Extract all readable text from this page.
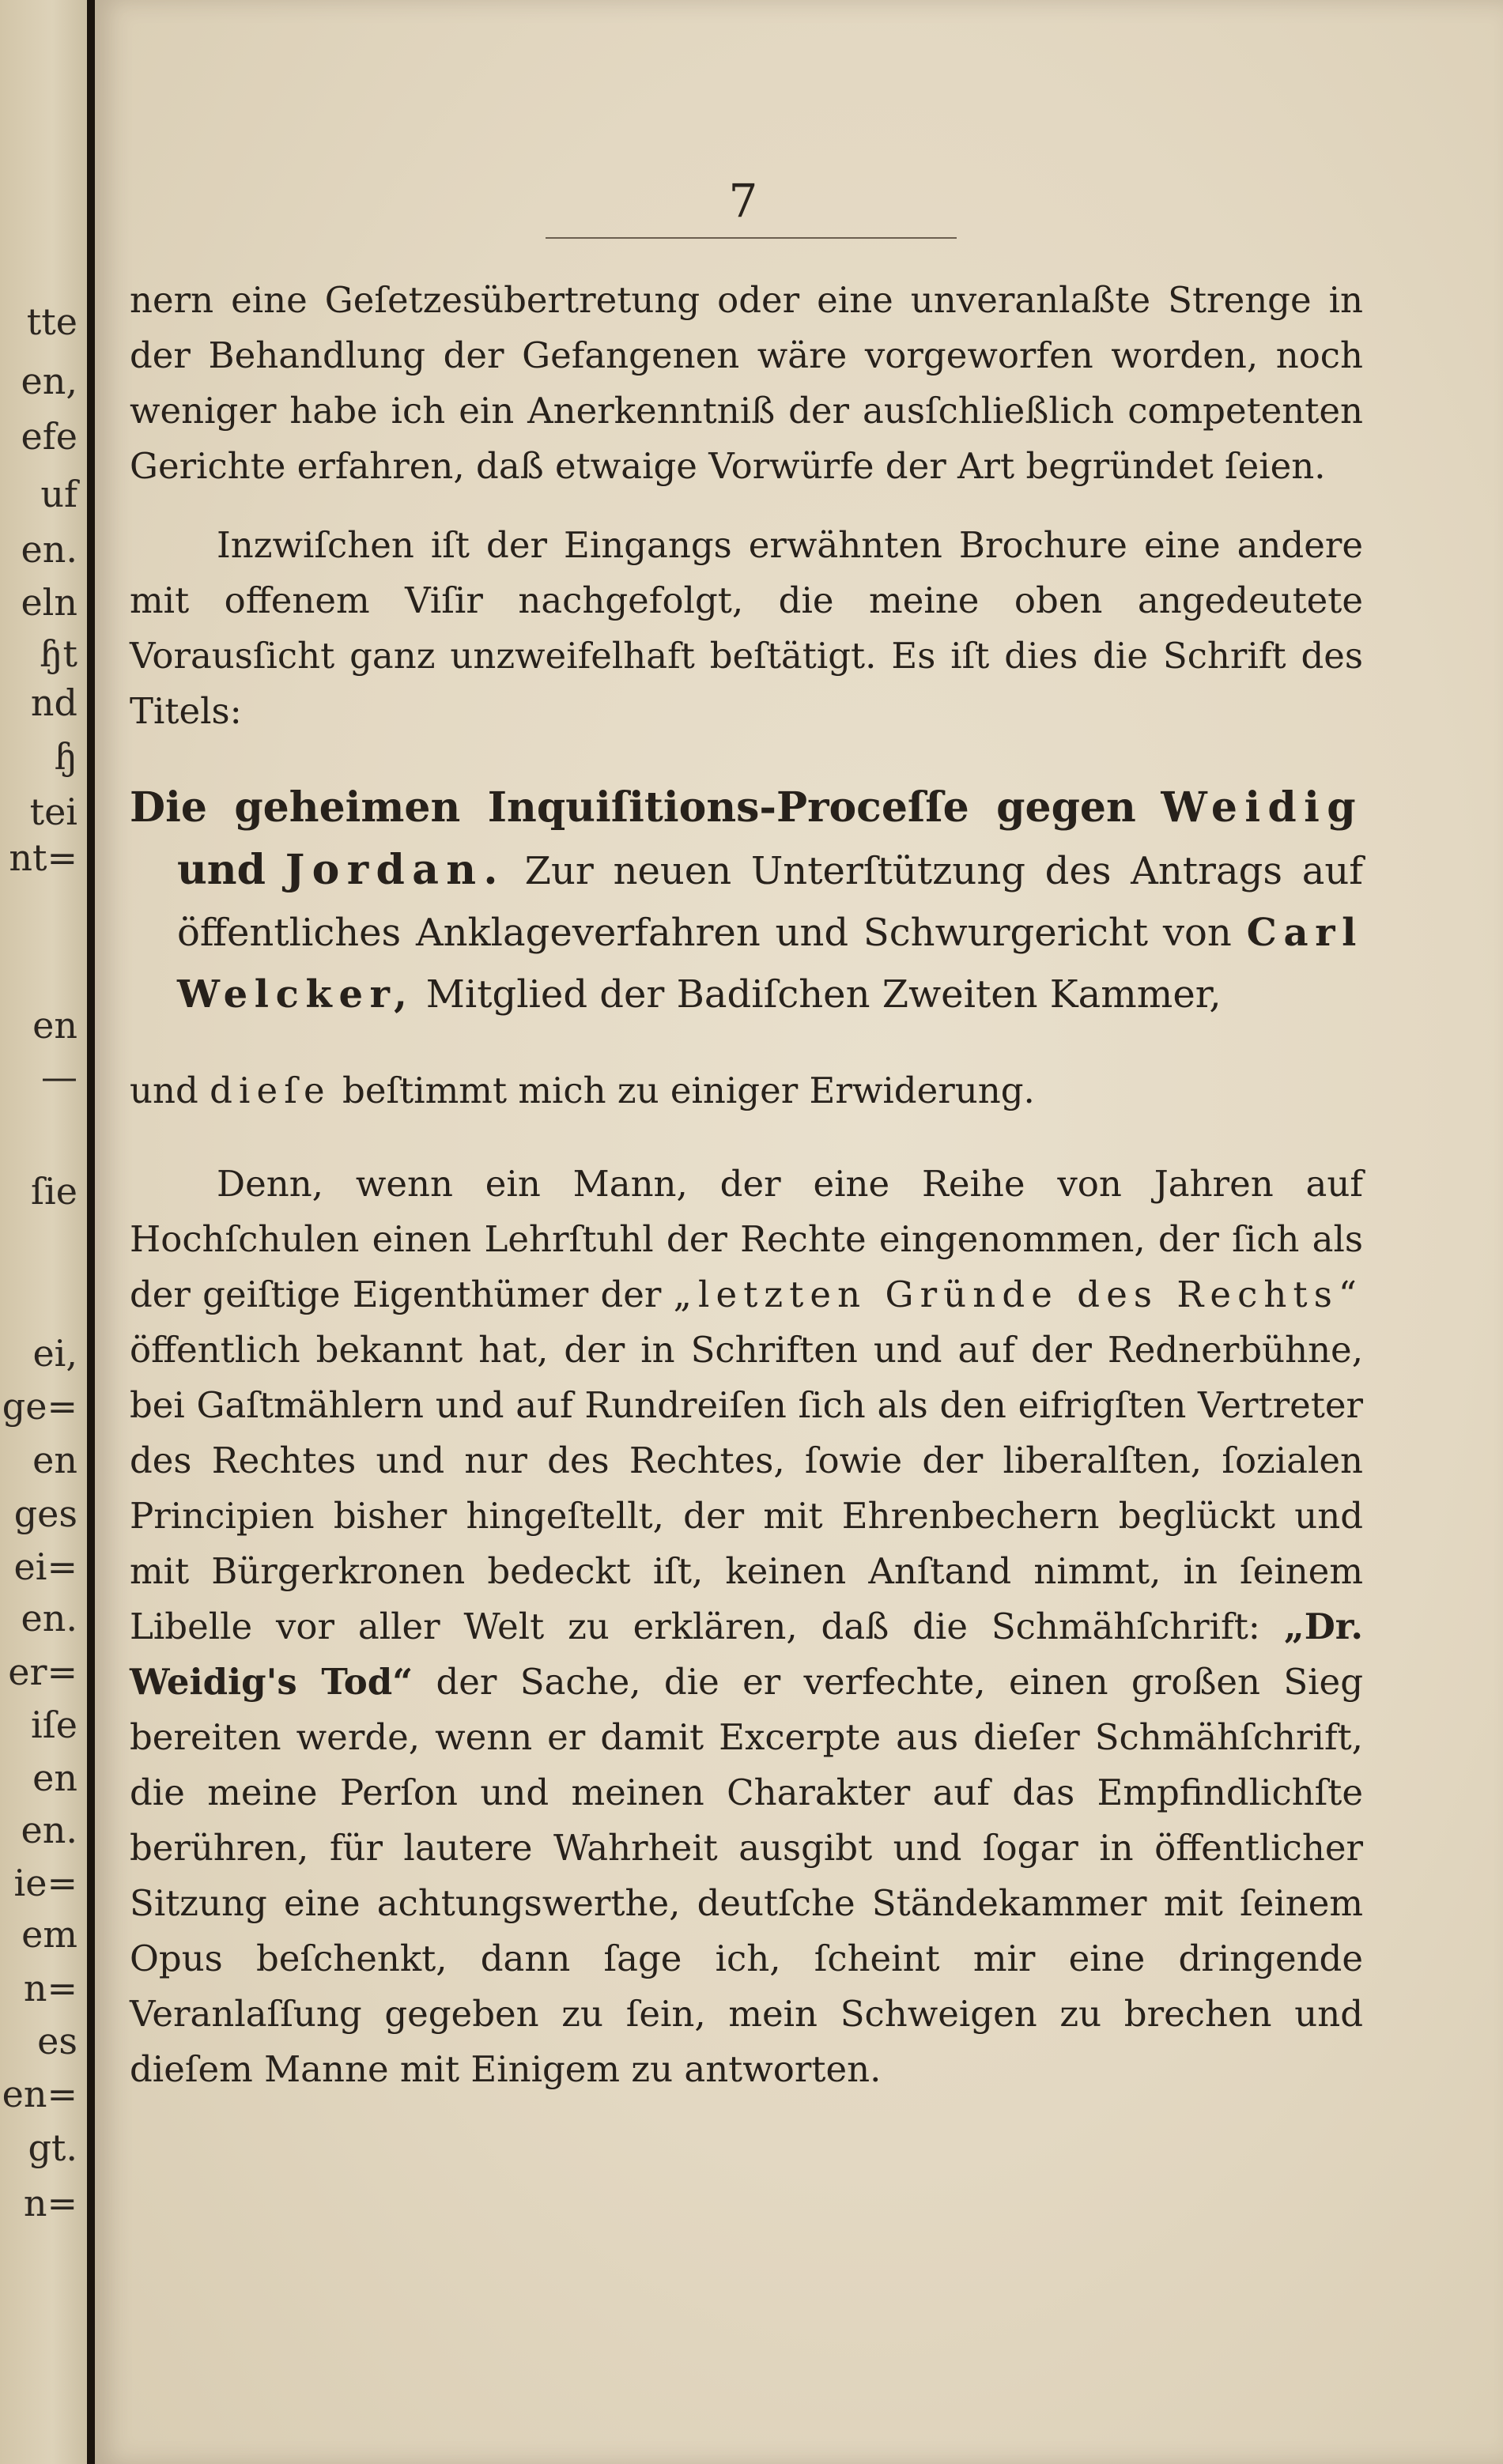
tte
en,
efe
uf
en.
eln
ɧt
nd
ɧ
tei
nt=
en
—
ſie
ei,
ge=
en
ges
ei=
en.
er=
iſe
en
en.
ie=
em
n=
es
en=
gt.
n=
7

nern eine Geſetzesübertretung oder eine unveranlaßte Strenge in der Behandlung der Gefangenen wäre vorgeworfen worden, noch weniger habe ich ein Anerkenntniß der ausſchließlich competenten Gerichte erfahren, daß etwaige Vorwürfe der Art begründet ſeien.

Inzwiſchen iſt der Eingangs erwähnten Brochure eine andere mit offenem Viſir nachgefolgt, die meine oben angedeutete Vorausſicht ganz unzweifelhaft beſtätigt. Es iſt dies die Schrift des Titels:

Die geheimen Inquiſitions-Proceſſe gegen Weidig und Jordan. Zur neuen Unterſtützung des Antrags auf öffentliches Anklageverfahren und Schwurgericht von Carl Welcker, Mitglied der Badiſchen Zweiten Kammer,

und dieſe beſtimmt mich zu einiger Erwiderung.

Denn, wenn ein Mann, der eine Reihe von Jahren auf Hochſchulen einen Lehrſtuhl der Rechte eingenommen, der ſich als der geiſtige Eigenthümer der „letzten Gründe des Rechts“ öffentlich bekannt hat, der in Schriften und auf der Rednerbühne, bei Gaſtmählern und auf Rundreiſen ſich als den eifrigſten Vertreter des Rechtes und nur des Rechtes, ſowie der liberalſten, ſozialen Principien bisher hingeſtellt, der mit Ehrenbechern beglückt und mit Bürgerkronen bedeckt iſt, keinen Anſtand nimmt, in ſeinem Libelle vor aller Welt zu erklären, daß die Schmähſchrift: „Dr. Weidig's Tod“ der Sache, die er verfechte, einen großen Sieg bereiten werde, wenn er damit Excerpte aus dieſer Schmähſchrift, die meine Perſon und meinen Charakter auf das Empfindlichſte berühren, für lautere Wahrheit ausgibt und ſogar in öffentlicher Sitzung eine achtungswerthe, deutſche Ständekammer mit ſeinem Opus beſchenkt, dann ſage ich, ſcheint mir eine dringende Veranlaſſung gegeben zu ſein, mein Schweigen zu brechen und dieſem Manne mit Einigem zu antworten.
